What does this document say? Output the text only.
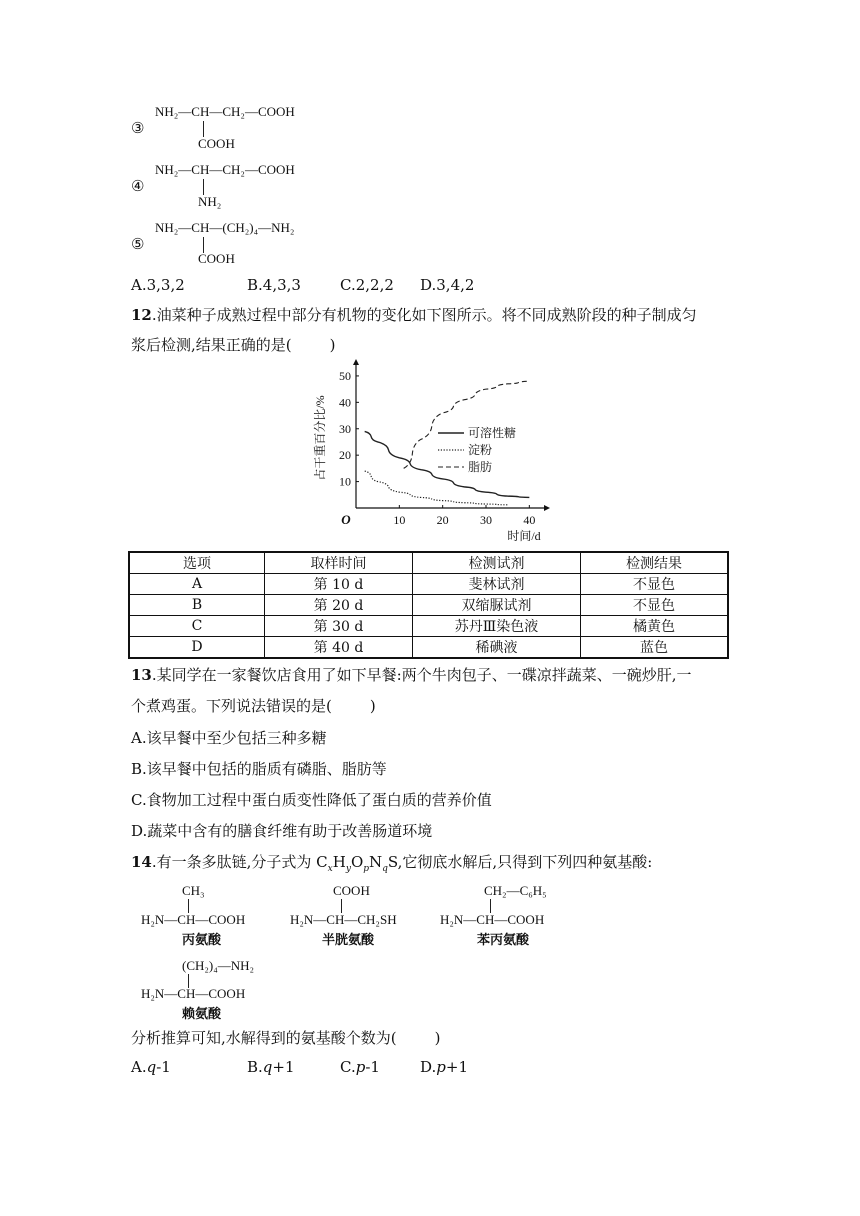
③
NH₂—CH—CH₂—COOH
COOH
④
NH₂—CH—CH₂—COOH
NH₂
⑤
NH₂—CH—(CH₂)₄—NH₂
COOH
A.3,3,2	B.4,3,3	C.2,2,2 D.3,4,2
12.油菜种子成熟过程中部分有机物的变化如下图所示。将不同成熟阶段的种子制成匀
浆后检测,结果正确的是(	)
10	20	30	40
10
20
30
40
50
O
时间/d
占干重百分比/%	可溶性糖
淀粉
脂肪
选项	取样时间	检测试剂	检测结果
A	第 10 d	斐林试剂	不显色
B	第 20 d	双缩脲试剂	不显色
C	第 30 d	苏丹Ⅲ染色液	橘黄色
D	第 40 d	稀碘液	蓝色
13.某同学在一家餐饮店食用了如下早餐:两个牛肉包子、一碟凉拌蔬菜、一碗炒肝,一
个煮鸡蛋。下列说法错误的是(	)
A.该早餐中至少包括三种多糖
B.该早餐中包括的脂质有磷脂、脂肪等
C.食物加工过程中蛋白质变性降低了蛋白质的营养价值
D.蔬菜中含有的膳食纤维有助于改善肠道环境
14.有一条多肽链,分子式为 $C_xH_yO_pN_qS$,它彻底水解后,只得到下列四种氨基酸:
CH₃
H₂N—CH—COOH
丙氨酸
COOH
H₂N—CH—CH₂SH
半胱氨酸
CH₂—C₆H₅
H₂N—CH—COOH
苯丙氨酸
(CH₂)₄—NH₂
H₂N—CH—COOH
赖氨酸
分析推算可知,水解得到的氨基酸个数为(	)
A.q-1	B.q+1	C.p-1	D.p+1
